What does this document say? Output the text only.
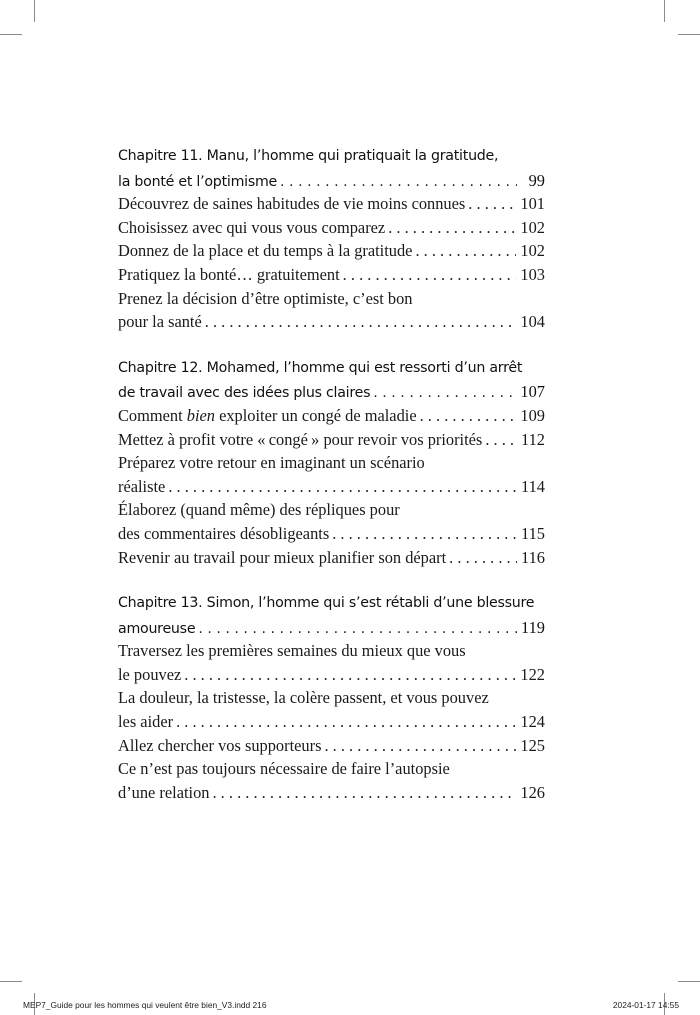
Chapitre 11. Manu, l’homme qui pratiquait la gratitude,
la bonté et l’optimisme . . .	99
Découvrez de saines habitudes de vie moins connues . . .	101
Choisissez avec qui vous vous comparez . . .	102
Donnez de la place et du temps à la gratitude . . .	102
Pratiquez la bonté… gratuitement . . .	103
Prenez la décision d’être optimiste, c’est bon
pour la santé . . .	104
Chapitre 12. Mohamed, l’homme qui est ressorti d’un arrêt
de travail avec des idées plus claires . . .	107
Comment bien exploiter un congé de maladie . . .	109
Mettez à profit votre « congé » pour revoir vos priorités . . . 112
Préparez votre retour en imaginant un scénario
réaliste . . .	114
Élaborez (quand même) des répliques pour
des commentaires désobligeants . . .	115
Revenir au travail pour mieux planifier son départ . . .	116
Chapitre 13. Simon, l’homme qui s’est rétabli d’une blessure
amoureuse . . .	119
Traversez les premières semaines du mieux que vous
le pouvez . . .	122
La douleur, la tristesse, la colère passent, et vous pouvez
les aider . . .	124
Allez chercher vos supporteurs . . .	125
Ce n’est pas toujours nécessaire de faire l’autopsie
d’une relation . . .	126
MEP7_Guide pour les hommes qui veulent être bien_V3.indd 216	2024-01-17 14:55
